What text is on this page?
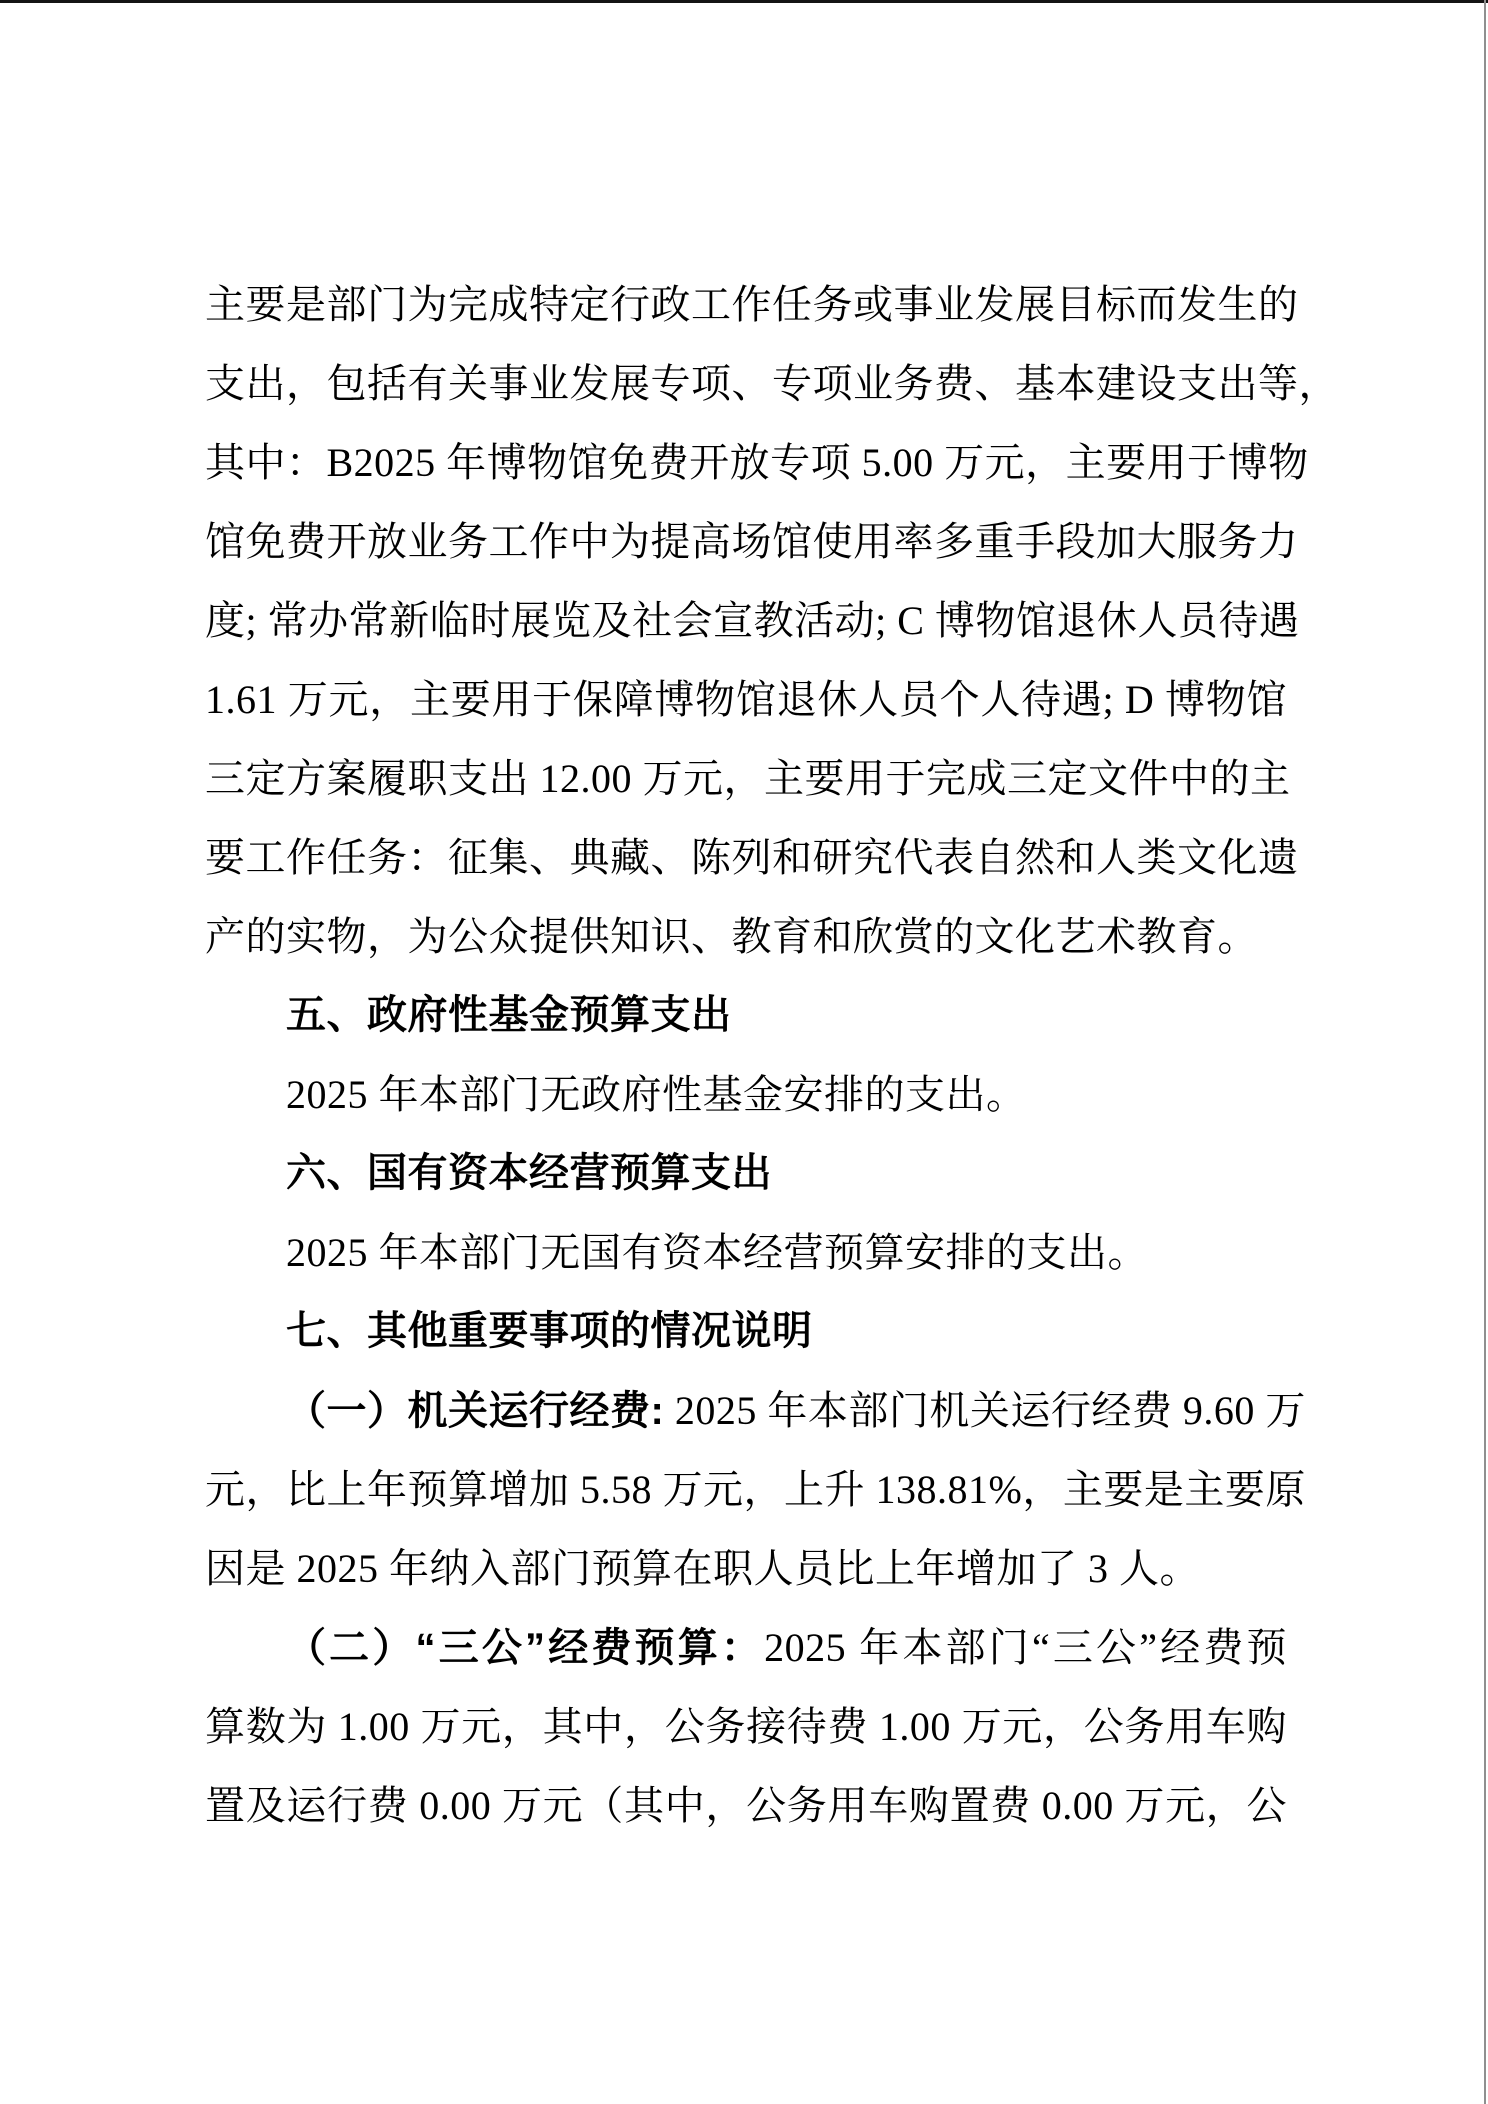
主要是部门为完成特定行政工作任务或事业发展目标而发生的
支出，包括有关事业发展专项、专项业务费、基本建设支出等，
其中：B2025 年博物馆免费开放专项 5.00 万元，主要用于博物
馆免费开放业务工作中为提高场馆使用率多重手段加大服务力
度; 常办常新临时展览及社会宣教活动; C 博物馆退休人员待遇
1.61 万元，主要用于保障博物馆退休人员个人待遇; D 博物馆
三定方案履职支出 12.00 万元，主要用于完成三定文件中的主
要工作任务：征集、典藏、陈列和研究代表自然和人类文化遗
产的实物，为公众提供知识、教育和欣赏的文化艺术教育。
五、政府性基金预算支出
2025 年本部门无政府性基金安排的支出。
六、国有资本经营预算支出
2025 年本部门无国有资本经营预算安排的支出。
七、其他重要事项的情况说明
（一）机关运行经费: 2025 年本部门机关运行经费 9.60 万
元，比上年预算增加 5.58 万元，上升 138.81%，主要是主要原
因是 2025 年纳入部门预算在职人员比上年增加了 3 人。
（二）“三公”经费预算：2025 年本部门“三公”经费预
算数为 1.00 万元，其中，公务接待费 1.00 万元，公务用车购
置及运行费 0.00 万元（其中，公务用车购置费 0.00 万元，公
